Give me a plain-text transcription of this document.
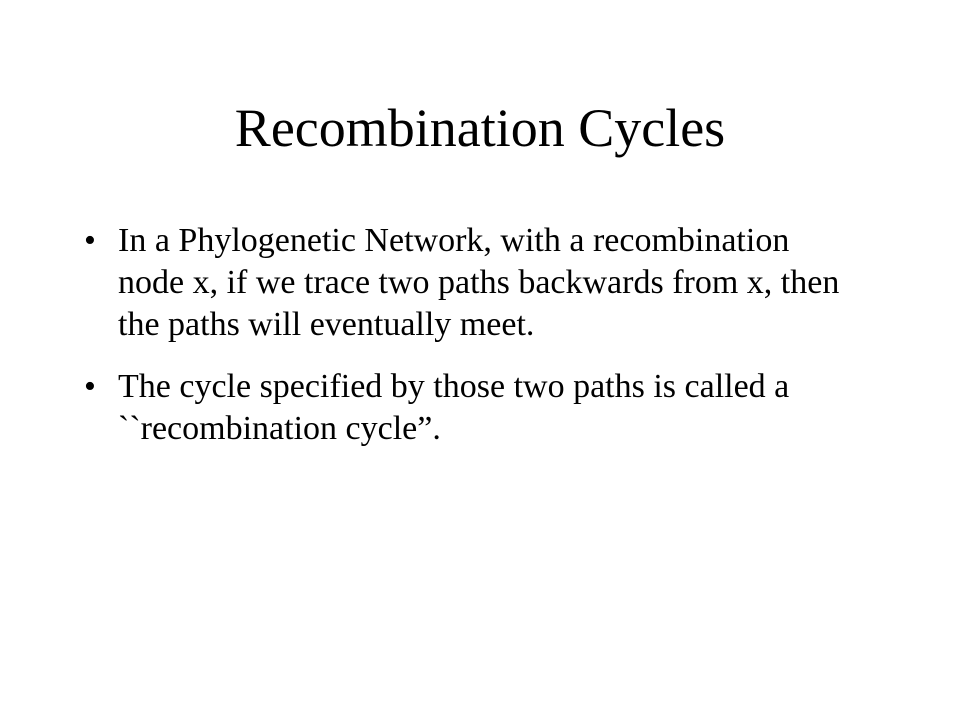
Recombination Cycles
• In a Phylogenetic Network, with a recombination node x, if we trace two paths backwards from x, then the paths will eventually meet.
• The cycle specified by those two paths is called a ``recombination cycle”.
